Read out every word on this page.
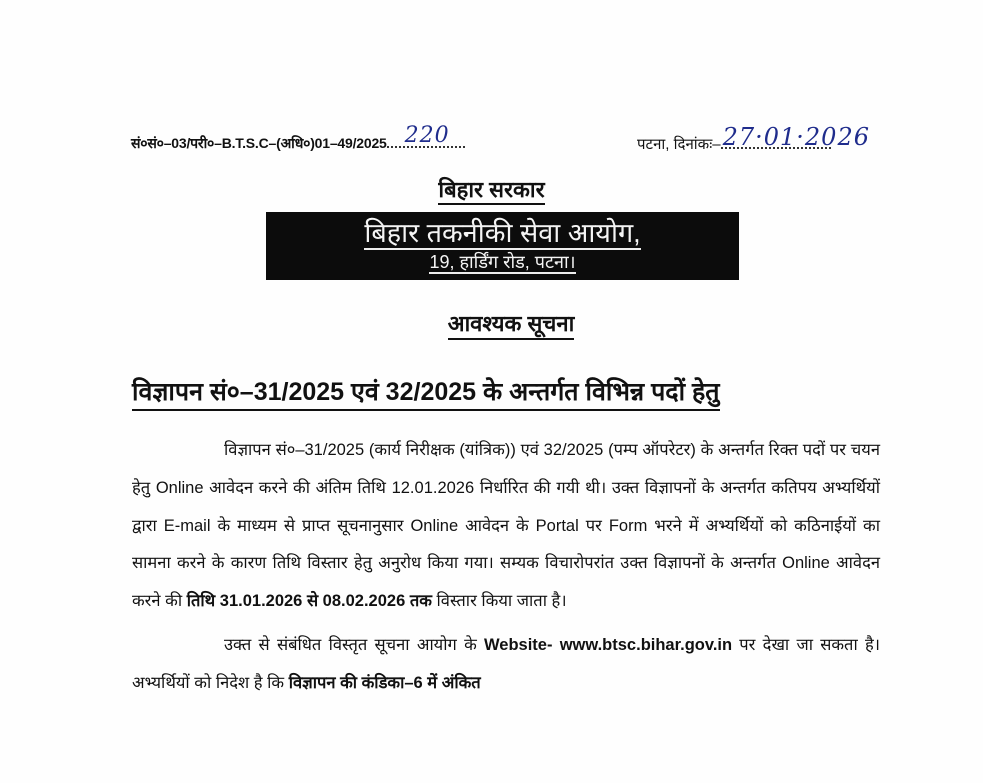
सं०सं०–03/परी०–B.T.S.C–(अधि०)01–49/2025 220	पटना, दिनांकः– 27·01·2026
बिहार सरकार
बिहार तकनीकी सेवा आयोग,
19, हार्डिंग रोड, पटना।
आवश्यक सूचना
विज्ञापन सं०–31/2025 एवं 32/2025 के अन्तर्गत विभिन्न पदों हेतु

विज्ञापन सं०–31/2025 (कार्य निरीक्षक (यांत्रिक)) एवं 32/2025 (पम्प ऑपरेटर) के अन्तर्गत रिक्त पदों पर चयन हेतु Online आवेदन करने की अंतिम तिथि 12.01.2026 निर्धारित की गयी थी। उक्त विज्ञापनों के अन्तर्गत कतिपय अभ्यर्थियों द्वारा E-mail के माध्यम से प्राप्त सूचनानुसार Online आवेदन के Portal पर Form भरने में अभ्यर्थियों को कठिनाईयों का सामना करने के कारण तिथि विस्तार हेतु अनुरोध किया गया। सम्यक विचारोपरांत उक्त विज्ञापनों के अन्तर्गत Online आवेदन करने की तिथि 31.01.2026 से 08.02.2026 तक विस्तार किया जाता है।

उक्त से संबंधित विस्तृत सूचना आयोग के Website- www.btsc.bihar.gov.in पर देखा जा सकता है। अभ्यर्थियों को निदेश है कि विज्ञापन की कंडिका–6 में अंकित
